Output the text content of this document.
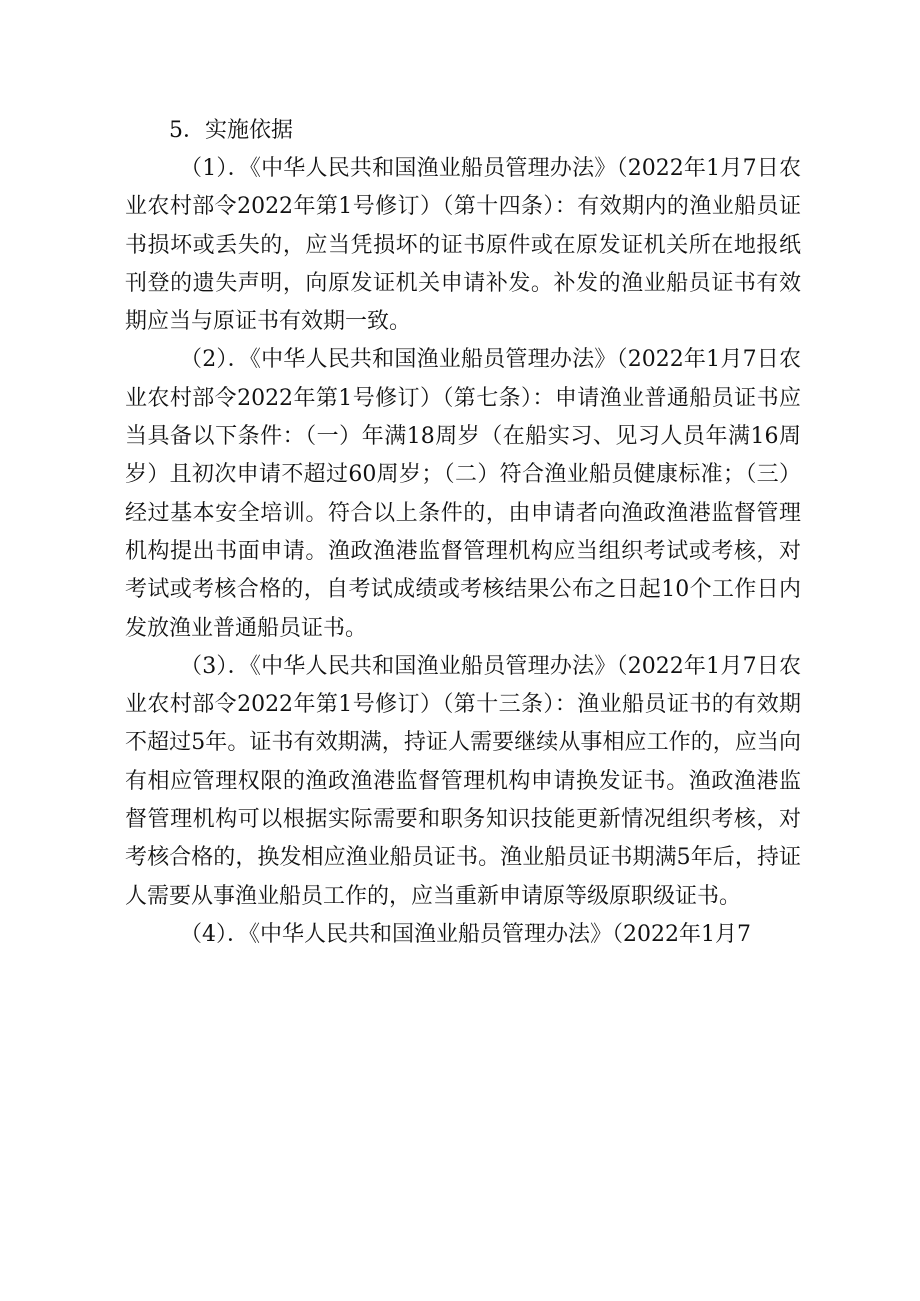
5．实施依据

（1）．《中华人民共和国渔业船员管理办法》（2022年1月7日农业农村部令2022年第1号修订）（第十四条）：有效期内的渔业船员证书损坏或丢失的，应当凭损坏的证书原件或在原发证机关所在地报纸刊登的遗失声明，向原发证机关申请补发。补发的渔业船员证书有效期应当与原证书有效期一致。

（2）．《中华人民共和国渔业船员管理办法》（2022年1月7日农业农村部令2022年第1号修订）（第七条）：申请渔业普通船员证书应当具备以下条件：（一）年满18周岁（在船实习、见习人员年满16周岁）且初次申请不超过60周岁；（二）符合渔业船员健康标准；（三）经过基本安全培训。符合以上条件的，由申请者向渔政渔港监督管理机构提出书面申请。渔政渔港监督管理机构应当组织考试或考核，对考试或考核合格的，自考试成绩或考核结果公布之日起10个工作日内发放渔业普通船员证书。

（3）．《中华人民共和国渔业船员管理办法》（2022年1月7日农业农村部令2022年第1号修订）（第十三条）：渔业船员证书的有效期不超过5年。证书有效期满，持证人需要继续从事相应工作的，应当向有相应管理权限的渔政渔港监督管理机构申请换发证书。渔政渔港监督管理机构可以根据实际需要和职务知识技能更新情况组织考核，对考核合格的，换发相应渔业船员证书。渔业船员证书期满5年后，持证人需要从事渔业船员工作的，应当重新申请原等级原职级证书。

（4）．《中华人民共和国渔业船员管理办法》（2022年1月7
